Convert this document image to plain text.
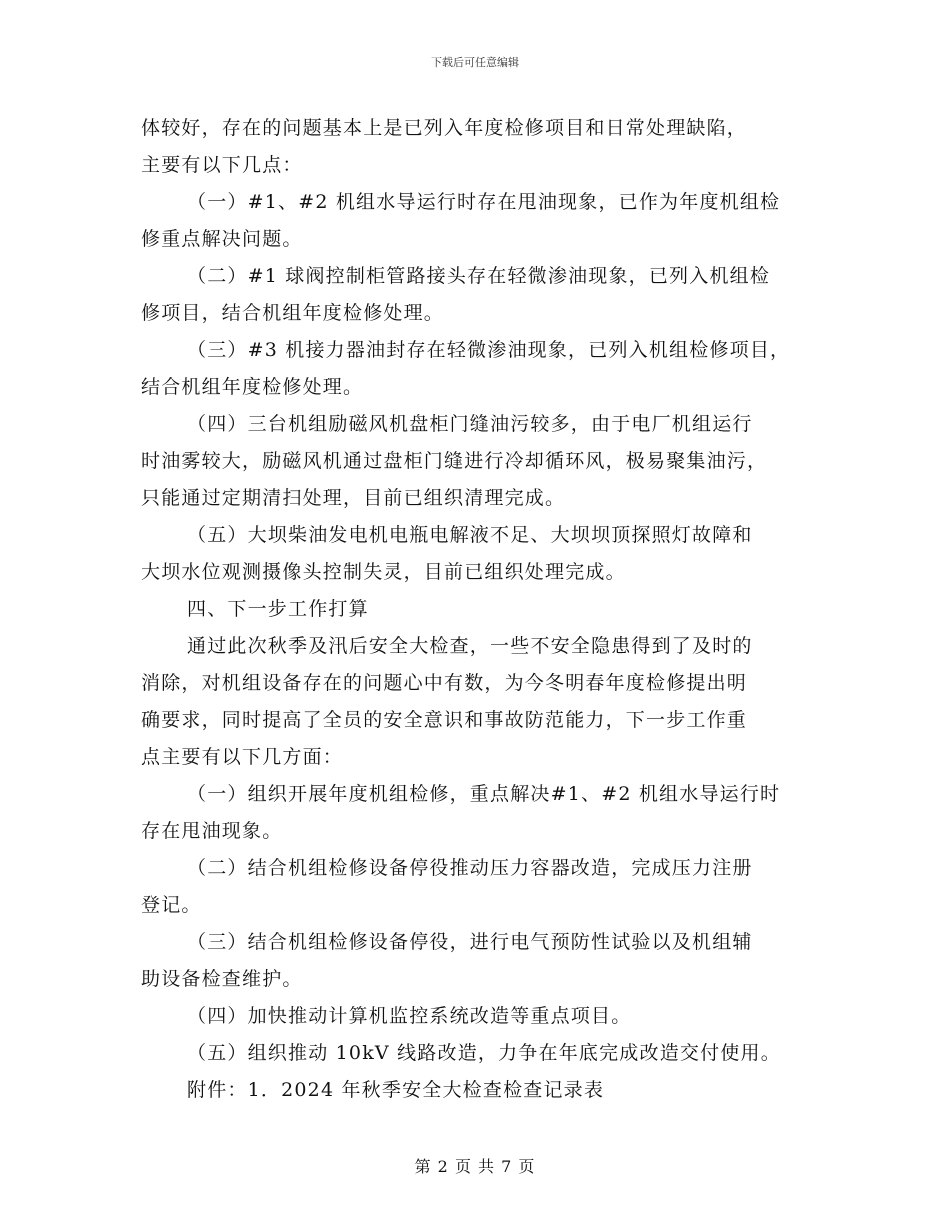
下载后可任意编辑
体较好，存在的问题基本上是已列入年度检修项目和日常处理缺陷，
主要有以下几点：
（一）#1、#2 机组水导运行时存在甩油现象，已作为年度机组检
修重点解决问题。
（二）#1 球阀控制柜管路接头存在轻微渗油现象，已列入机组检
修项目，结合机组年度检修处理。
（三）#3 机接力器油封存在轻微渗油现象，已列入机组检修项目，
结合机组年度检修处理。
（四）三台机组励磁风机盘柜门缝油污较多，由于电厂机组运行
时油雾较大，励磁风机通过盘柜门缝进行冷却循环风，极易聚集油污，
只能通过定期清扫处理，目前已组织清理完成。
（五）大坝柴油发电机电瓶电解液不足、大坝坝顶探照灯故障和
大坝水位观测摄像头控制失灵，目前已组织处理完成。
四、下一步工作打算
通过此次秋季及汛后安全大检查，一些不安全隐患得到了及时的
消除，对机组设备存在的问题心中有数，为今冬明春年度检修提出明
确要求，同时提高了全员的安全意识和事故防范能力，下一步工作重
点主要有以下几方面：
（一）组织开展年度机组检修，重点解决#1、#2 机组水导运行时
存在甩油现象。
（二）结合机组检修设备停役推动压力容器改造，完成压力注册
登记。
（三）结合机组检修设备停役，进行电气预防性试验以及机组辅
助设备检查维护。
（四）加快推动计算机监控系统改造等重点项目。
（五）组织推动 10kV 线路改造，力争在年底完成改造交付使用。
附件：1．2024 年秋季安全大检查检查记录表
第 2 页 共 7 页
